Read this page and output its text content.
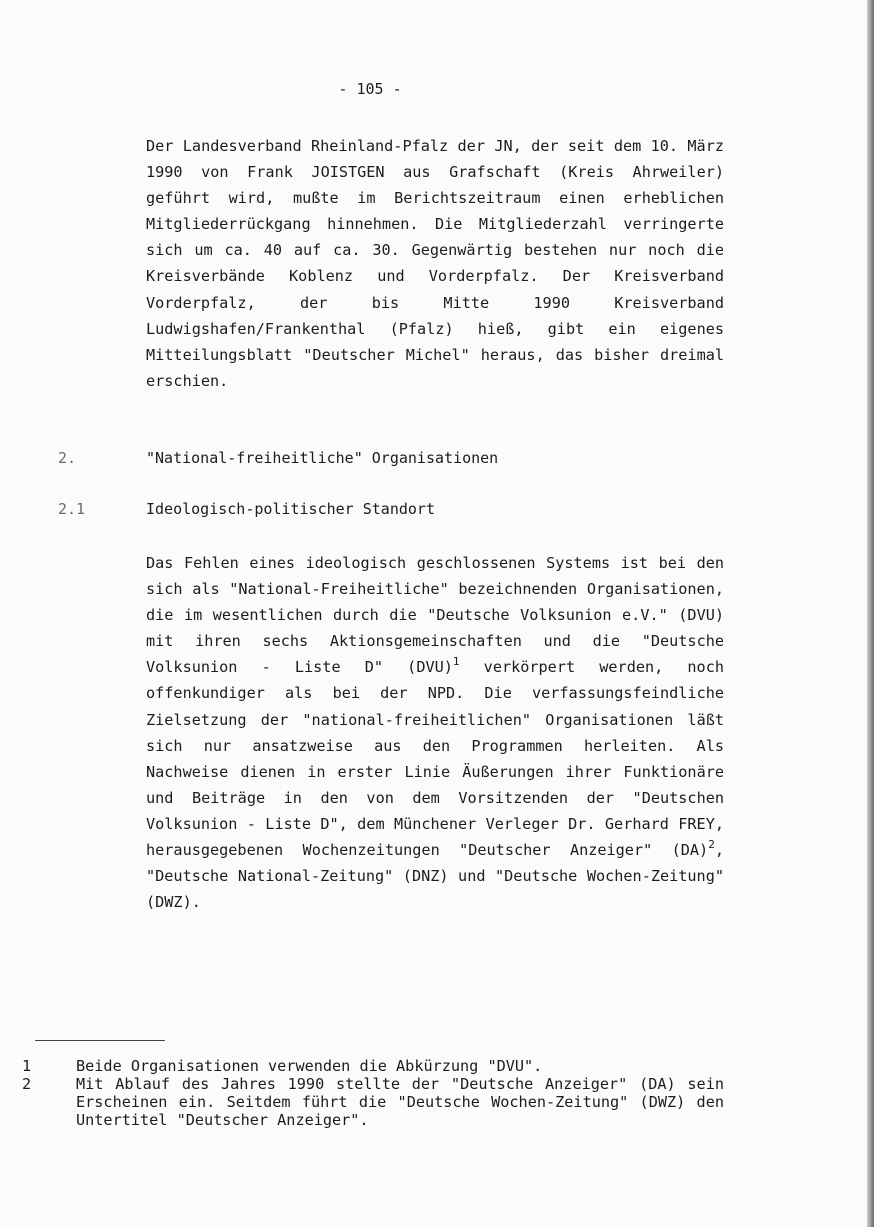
- 105 -

Der Landesverband Rheinland-Pfalz der JN, der seit dem 10. März 1990 von Frank JOISTGEN aus Grafschaft (Kreis Ahrweiler) geführt wird, mußte im Berichtszeitraum einen erheblichen Mitgliederrückgang hinnehmen. Die Mitgliederzahl verringerte sich um ca. 40 auf ca. 30. Gegenwärtig bestehen nur noch die Kreisverbände Koblenz und Vorderpfalz. Der Kreisverband Vorderpfalz, der bis Mitte 1990 Kreisverband Ludwigshafen/Frankenthal (Pfalz) hieß, gibt ein eigenes Mitteilungsblatt "Deutscher Michel" heraus, das bisher dreimal erschien.

2.	"National-freiheitliche" Organisationen
2.1	Ideologisch-politischer Standort

Das Fehlen eines ideologisch geschlossenen Systems ist bei den sich als "National-Freiheitliche" bezeichnenden Organisationen, die im wesentlichen durch die "Deutsche Volksunion e.V." (DVU) mit ihren sechs Aktionsgemeinschaften und die "Deutsche Volksunion - Liste D" (DVU)$^1$ verkörpert werden, noch offenkundiger als bei der NPD. Die verfassungsfeindliche Zielsetzung der "national-freiheitlichen" Organisationen läßt sich nur ansatzweise aus den Programmen herleiten. Als Nachweise dienen in erster Linie Äußerungen ihrer Funktionäre und Beiträge in den von dem Vorsitzenden der "Deutschen Volksunion - Liste D", dem Münchener Verleger Dr. Gerhard FREY, herausgegebenen Wochenzeitungen "Deutscher Anzeiger" (DA)$^2$, "Deutsche National-Zeitung" (DNZ) und "Deutsche Wochen-Zeitung" (DWZ).

1	Beide Organisationen verwenden die Abkürzung "DVU".
2	Mit Ablauf des Jahres 1990 stellte der "Deutsche Anzeiger" (DA) sein Erscheinen ein. Seitdem führt die "Deutsche Wochen-Zeitung" (DWZ) den Untertitel "Deutscher Anzeiger".
